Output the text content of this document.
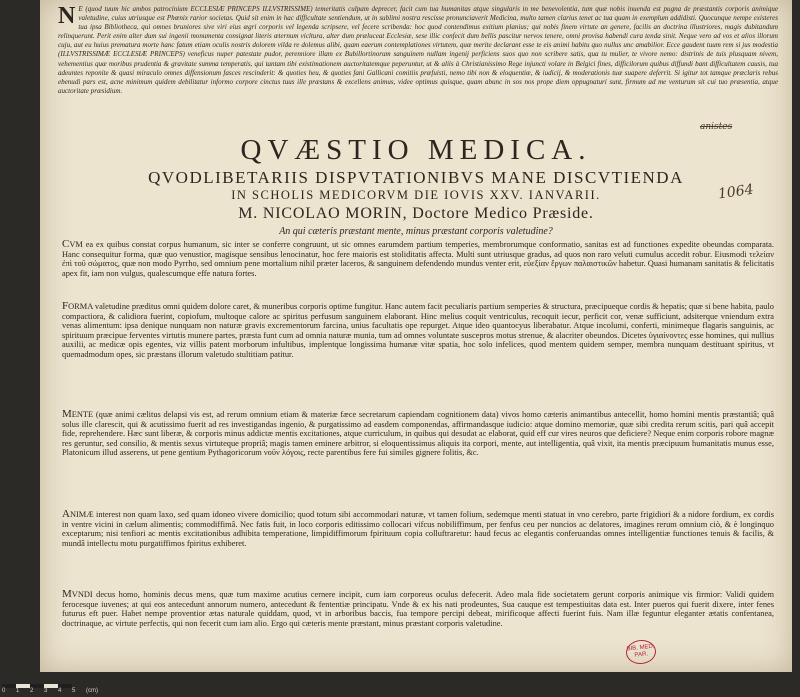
N E (quod tuum hic ambos patrocinium ECCLESIÆ PRINCEPS ILLVSTRISSIME) temeritatis culpam deprecer, facit cum tua humanitas atque singularis in me benevolentia, tum quæ nobis inuenda est pugna de præstantis corporis animique valetudine, cuius utriusque est Phœnix rarior societas. Quid sit enim in hac difficultate sentiendum, ut in sublimi nostra rescisse pronunciaverit Medicina, multo tamen clarius tenet ac tua quam in exemplum addidisti. Quocunque nempe existeres tua ipsa Bibliotheca, qui omnes bruniores sive viri eius ægri corporis vel legenda scripsere, vel fecere scribenda: hoc quod contendimus exitium planius; qui nobis finem virtute an genere, facilis an doctrina illustriores, magis dubitandum relinquerunt. Perit enim alter dum sui ingenii monumenta consignat literis æternum vicltura, alter dum præluceat Ecclesiæ, sese illic confecit dum bellis pascitur nervos tenere, omni provisa habendi cura tenda sinit. Neque vero ad vos et alios illorum cuju, aut eu huius prematura morte hanc fatum etiam oculis nostris dolorem vilda re dolemus alibi, quam eaerum contemplationes virtutem, quæ merite declarant esse te eis animi habitu quo nullus unc amabilior. Ecce gaudent tuum rem si jus modestia (ILLVSTRISSIMÆ ECCLESIÆ PRINCEPS) veneficus nuper patestate pudor, perenniore illam ex Bubillortinorum sanguinem nullam ingenij perficiens suos quo non scribere satis, qua tu mulier, te vivore nemo: distrinis de tuis plusquam nivem, vehementius quæ moribus prudentia & gravitate summa temperatis, qui tantam tibi existimationem auctoritatemque peperuntur, ut & aliis à Christianissimo Rege injuncti volare in Belgici fines, difficilorum quibus diffundi bant difficultatem causis, tua adeuntes reponite & quasi miraculo omnes diffensionum fasces rescinderit: & quoties heu, & quoties fani Gallicani comitiis præfuisti, nemo tibi non & eloquentiæ, & iudicij, & moderationis tuæ suapere deferrit. Si igitur tot tamque præclaris rebus ebenudi pars est, acne minimum quidem debilitatur informo corpore cinctus tuus ille præstans & excellens animus, videe optimus quisque, quam abunc in sos nos prope diem oppugnaturi sunt, firmum ad me venturum sit cui tuo præsentia, atque auctoritate præsidium.
anistes
QVÆSTIO MEDICA.
QVODLIBETARIIS DISPVTATIONIBVS MANE DISCVTIENDA
IN SCHOLIS MEDICORVM DIE IOVIS XXV. IANVARII.
M. NICOLAO MORIN, Doctore Medico Præside.
1064
An qui cæteris præstant mente, minus præstant corporis valetudine?
CVM ea ex quibus constat corpus humanum, sic inter se conferre congruunt, ut sic omnes earumdem partium temperies, membrorumque conformatio, sanitas est ad functiones expedite obeundas comparata. Hanc consequitur forma, quæ quo venustior, magisque sensibus lenocinatur, hoc fere maioris est stoliditatis affecta. Multi sunt utriusque gradus, ad quos non raro veluti cumulus accedit robur. Eiusmodi τελείαν ἐπὶ τοῦ σώματος, quæ non modo Pyrrho, sed omnium pene mortalium nihil præter laceros, & sanguinem defendendo mundus venter erit, εὐεξίαν ἔργων παλαιστικῶν habetur. Quasi humanam sanitatis & felicitatis apex fit, iam non vulgus, qualescumque effe natura fortes.
FORMA valetudine præditus omni quidem dolore caret, & muneribus corporis optime fungitur. Hanc autem facit peculiaris partium semperies & structura, præcipueque cordis & hepatis; quæ si bene habita, paulo compactiora, & calidiora fuerint, copiofum, multoque calore ac spiritus perfusum sanguinem elaborant. Hinc melius coquit ventriculus, recoquit iecur, perficit cor, venæ sufficiunt, adsiterque vniendum extra venas alimentum: ipsa denique nunquam non naturæ gravis excrementorum farcina, unius facultatis ope repurget. Atque ideo quantocyus liberabatur. Atque incolumi, conferti, minimeque flagaris sanguinis, ac spirituum præcipue ferventes virtutis munere partes, præsta funt cum ad omnia naturæ munia, tum ad omnes voluntate suscepros motus strenue, & alacriter obeundos. Dicetes ὑγιαίνοντες esse homines, qui nullius auxilii, ac medicæ opis egentes, viz villis patent morborum infultibus, implentque longissima humanæ vitæ spatia, hoc solo infelices, quod mentem quidem semper, membra nunquam destituant spiritus, vt quemadmodum opes, sic præstans illorum valetudo stultitiam patitur.
MENTE (quæ animi cælitus delapsi vis est, ad rerum omnium etiam & materiæ fæce secretarum capiendam cognitionem data) vivos homo cæteris animantibus antecellit, homo homini mentis præstantiâ; quâ solus ille clarescit, qui & acutissimo fuerit ad res investigandas ingenio, & purgatissimo ad easdem componendas, affirmandasque iudicio: atque domino memoriæ, quæ sibi credita rerum scitis, pari quâ accepit fide, reprehendere. Hæc sunt liberæ, & corporis minus addictæ mentis excitationes, atque curriculum, in quibus qui desudat ac elaborat, quid eff cur vires neuros que deficiere? Neque enim corporis robore magnæ res geruntur, sed consilio, & mentis sexus virtuteque propriâ; magis tamen eminere arbitror, si eloquentissimus aliquis ita corpori, mente, aut intelligentia, quâ vixit, ita mentis præcipuum humanitatis munus esse, Platonicum illud asserens, ut pene gentium Pythagoricorum νοῦν λόγοις, recte parentibus fere fui similes gignere folitis, &c.
ANIMÆ interest non quam laxo, sed quam idoneo vivere domicilio; quod totum sibi accommodari naturæ, vt tamen folium, sedemque menti statuat in vno cerebro, parte frigidiori & a nidore fordium, ex cordis in ventre vicini in cælum alimentis; commodiffimâ. Nec fatis fuit, in loco corporis editissimo collocari vifcus nobiliffimum, per fenfus ceu per nuncios ac delatores, imagines rerum omnium ciò, & è longinquo exceptarum; nisi tenfiori ac mentis excitationibus adhibita temperatione, limpidiffimorum fpirituum copia colluftraretur: haud fecus ac elegantis conferuandas omnes intelligentiæ functiones tenuis & facilis, & mundâ intellectu motu purgatiffimos fpiritus exhiberet.
MVNDI decus homo, hominis decus mens, quæ tum maxime acutius cernere incipit, cum iam corporeus oculus defecerit. Adeo mala fide societatem gerunt corporis animique vis firmior: Validi quidem ferocesque iuvenes; at qui eos antecedunt annorum numero, antecedunt & fententiæ principatu. Vnde & ex his nati prodeuntes, Sua cauque est tempestiuitas data est. Inter pueros qui fuerit dixere, inter fenes futurus eft puer. Habet nempe proventior ætas naturale quiddam, quod, vt in arboribus baccis, fua tempore percipi debeat, mirificoque affecti fuerint fuis. Nam illæ feguntur eleganter ætatis confentanea, doctrinaque, ac virtute perfectis, qui non fecerit cum iam alio. Ergo qui cæteris mente præstant, minus præstant corporis valetudine.
BIB. MED. PAR.
0 1 2 3 4 5 (cm)
